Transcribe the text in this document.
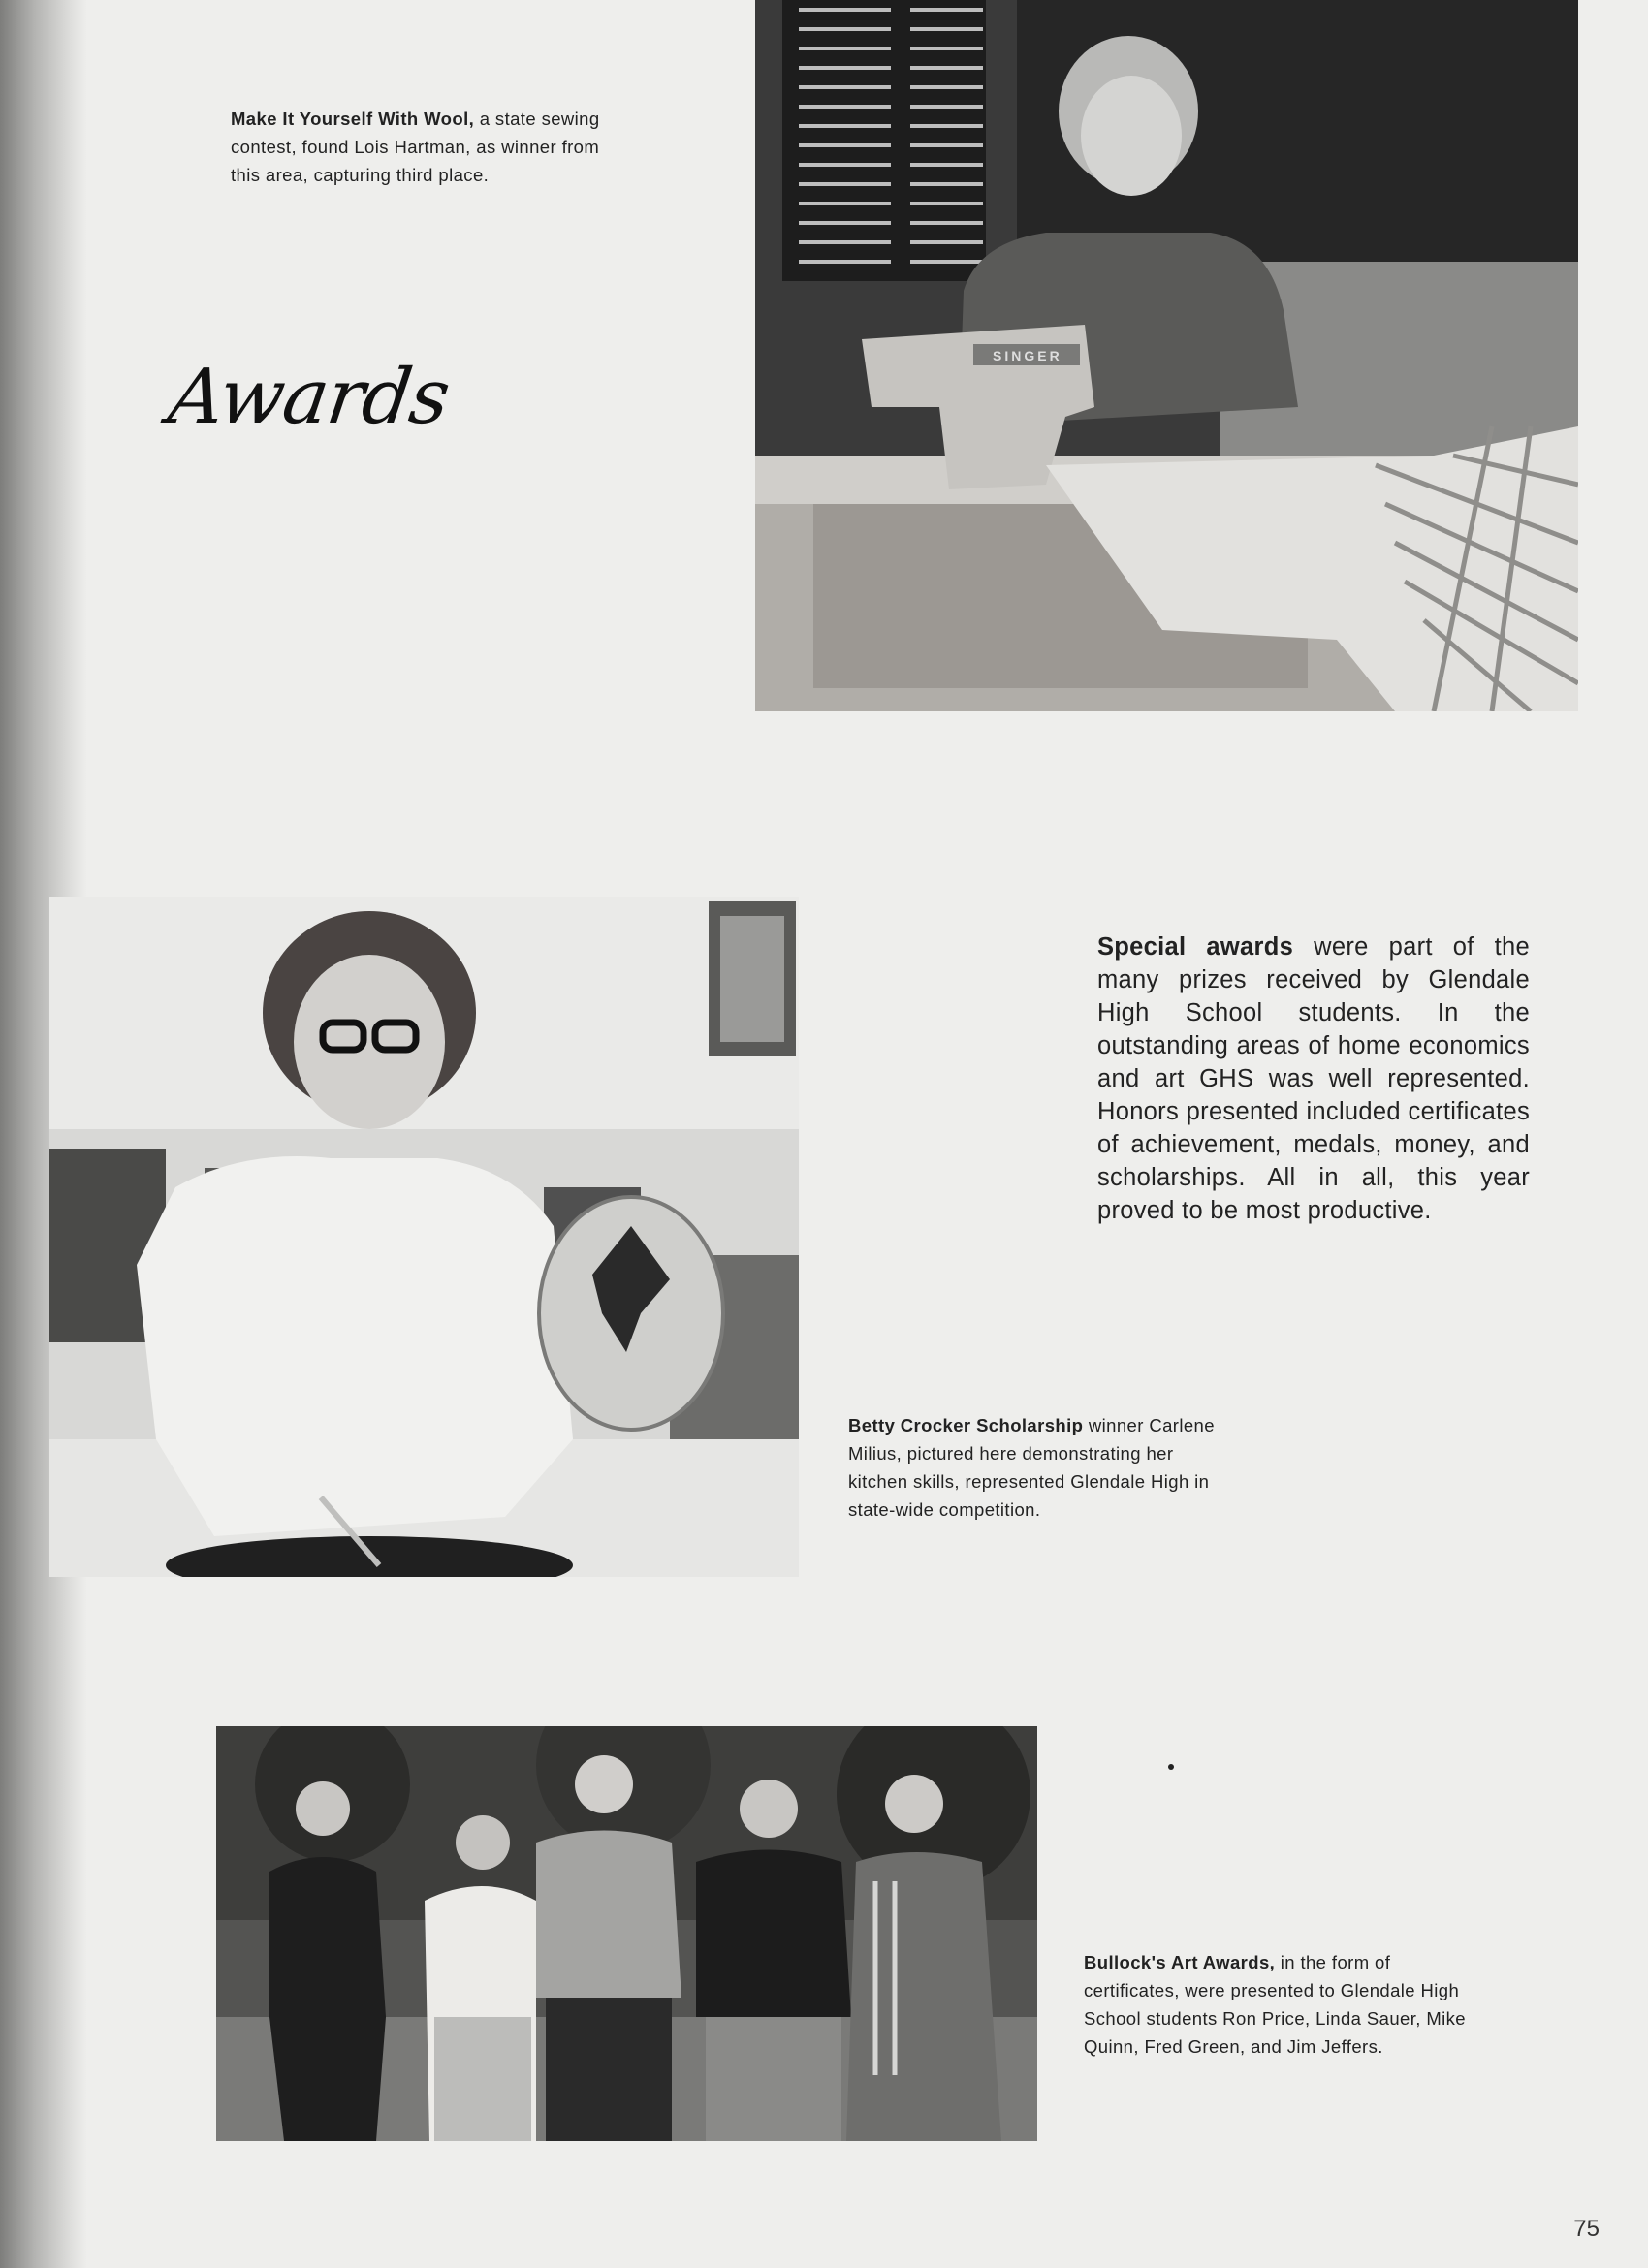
Make It Yourself With Wool, a state sewing contest, found Lois Hartman, as winner from this area, capturing third place.
Awards	SINGER
Special awards were part of the many prizes received by Glendale High School students. In the outstanding areas of home economics and art GHS was well represented. Honors presented included certificates of achievement, medals, money, and scholarships. All in all, this year proved to be most productive.
Betty Crocker Scholarship winner Carlene Milius, pictured here demonstrating her kitchen skills, represented Glendale High in state-wide competition.
Bullock's Art Awards, in the form of certificates, were presented to Glendale High School students Ron Price, Linda Sauer, Mike Quinn, Fred Green, and Jim Jeffers.
75
